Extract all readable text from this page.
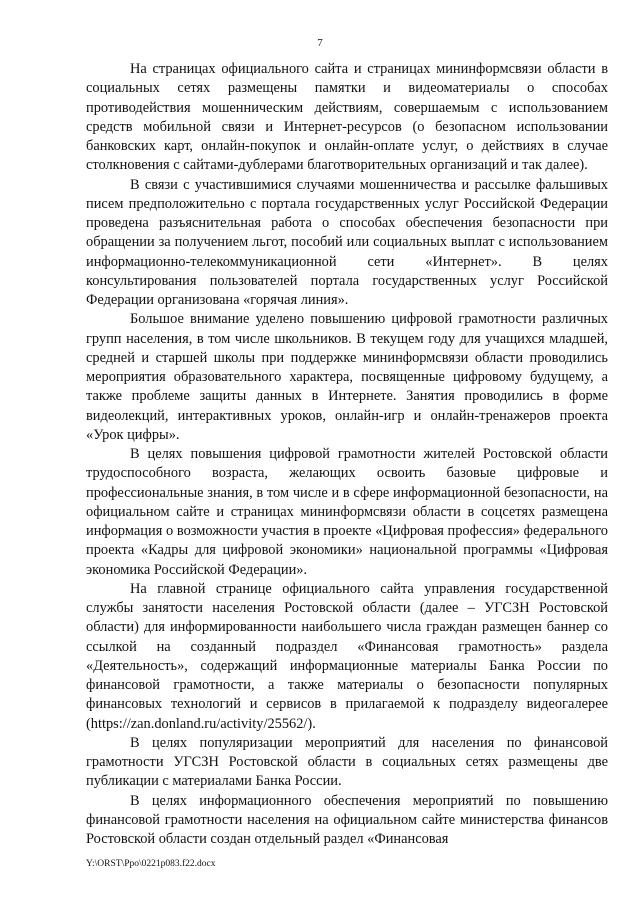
7

На страницах официального сайта и страницах мининформсвязи области в социальных сетях размещены памятки и видеоматериалы о способах противодействия мошенническим действиям, совершаемым с использованием средств мобильной связи и Интернет-ресурсов (о безопасном использовании банковских карт, онлайн-покупок и онлайн-оплате услуг, о действиях в случае столкновения с сайтами-дублерами благотворительных организаций и так далее).

В связи с участившимися случаями мошенничества и рассылке фальшивых писем предположительно с портала государственных услуг Российской Федерации проведена разъяснительная работа о способах обеспечения безопасности при обращении за получением льгот, пособий или социальных выплат с использованием информационно-телекоммуникационной сети «Интернет». В целях консультирования пользователей портала государственных услуг Российской Федерации организована «горячая линия».

Большое внимание уделено повышению цифровой грамотности различных групп населения, в том числе школьников. В текущем году для учащихся младшей, средней и старшей школы при поддержке мининформсвязи области проводились мероприятия образовательного характера, посвященные цифровому будущему, а также проблеме защиты данных в Интернете. Занятия проводились в форме видеолекций, интерактивных уроков, онлайн-игр и онлайн-тренажеров проекта «Урок цифры».

В целях повышения цифровой грамотности жителей Ростовской области трудоспособного возраста, желающих освоить базовые цифровые и профессиональные знания, в том числе и в сфере информационной безопасности, на официальном сайте и страницах мининформсвязи области в соцсетях размещена информация о возможности участия в проекте «Цифровая профессия» федерального проекта «Кадры для цифровой экономики» национальной программы «Цифровая экономика Российской Федерации».

На главной странице официального сайта управления государственной службы занятости населения Ростовской области (далее – УГСЗН Ростовской области) для информированности наибольшего числа граждан размещен баннер со ссылкой на созданный подраздел «Финансовая грамотность» раздела «Деятельность», содержащий информационные материалы Банка России по финансовой грамотности, а также материалы о безопасности популярных финансовых технологий и сервисов в прилагаемой к подразделу видеогалерее (https://zan.donland.ru/activity/25562/).

В целях популяризации мероприятий для населения по финансовой грамотности УГСЗН Ростовской области в социальных сетях размещены две публикации с материалами Банка России.

В целях информационного обеспечения мероприятий по повышению финансовой грамотности населения на официальном сайте министерства финансов Ростовской области создан отдельный раздел «Финансовая

Y:\ORST\Ppo\0221p083.f22.docx
